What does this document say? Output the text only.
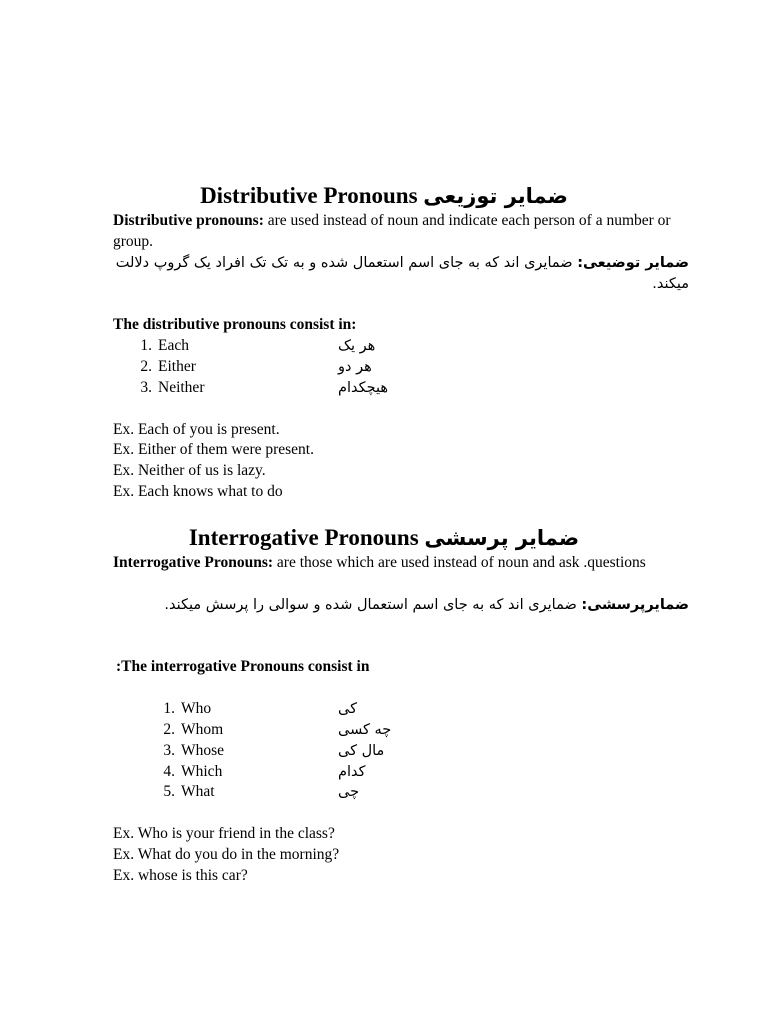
Distributive Pronouns ضمایر توزیعی
Distributive pronouns: are used instead of noun and indicate each person of a number or group.
ضمایر توضیعی: ضمایری اند که به جای اسم استعمال شده و به تک تک افراد یک گروپ دلالت میکند.
The distributive pronouns consist in:
1. Each	هر یک
2. Either	هر دو
3. Neither	هیچکدام
Ex. Each of you is present.
Ex. Either of them were present.
Ex. Neither of us is lazy.
Ex. Each knows what to do
Interrogative Pronouns ضمایر پرسشی
Interrogative Pronouns: are those which are used instead of noun and ask .questions
ضمایرپرسشی: ضمایری اند که به جای اسم استعمال شده و سوالی را پرسش میکند.
:The interrogative Pronouns consist in
1. Who	کی
2. Whom	چه کسی
3. Whose	مال کی
4. Which	کدام
5. What	چی
Ex. Who is your friend in the class?
Ex. What do you do in the morning?
Ex. whose is this car?
